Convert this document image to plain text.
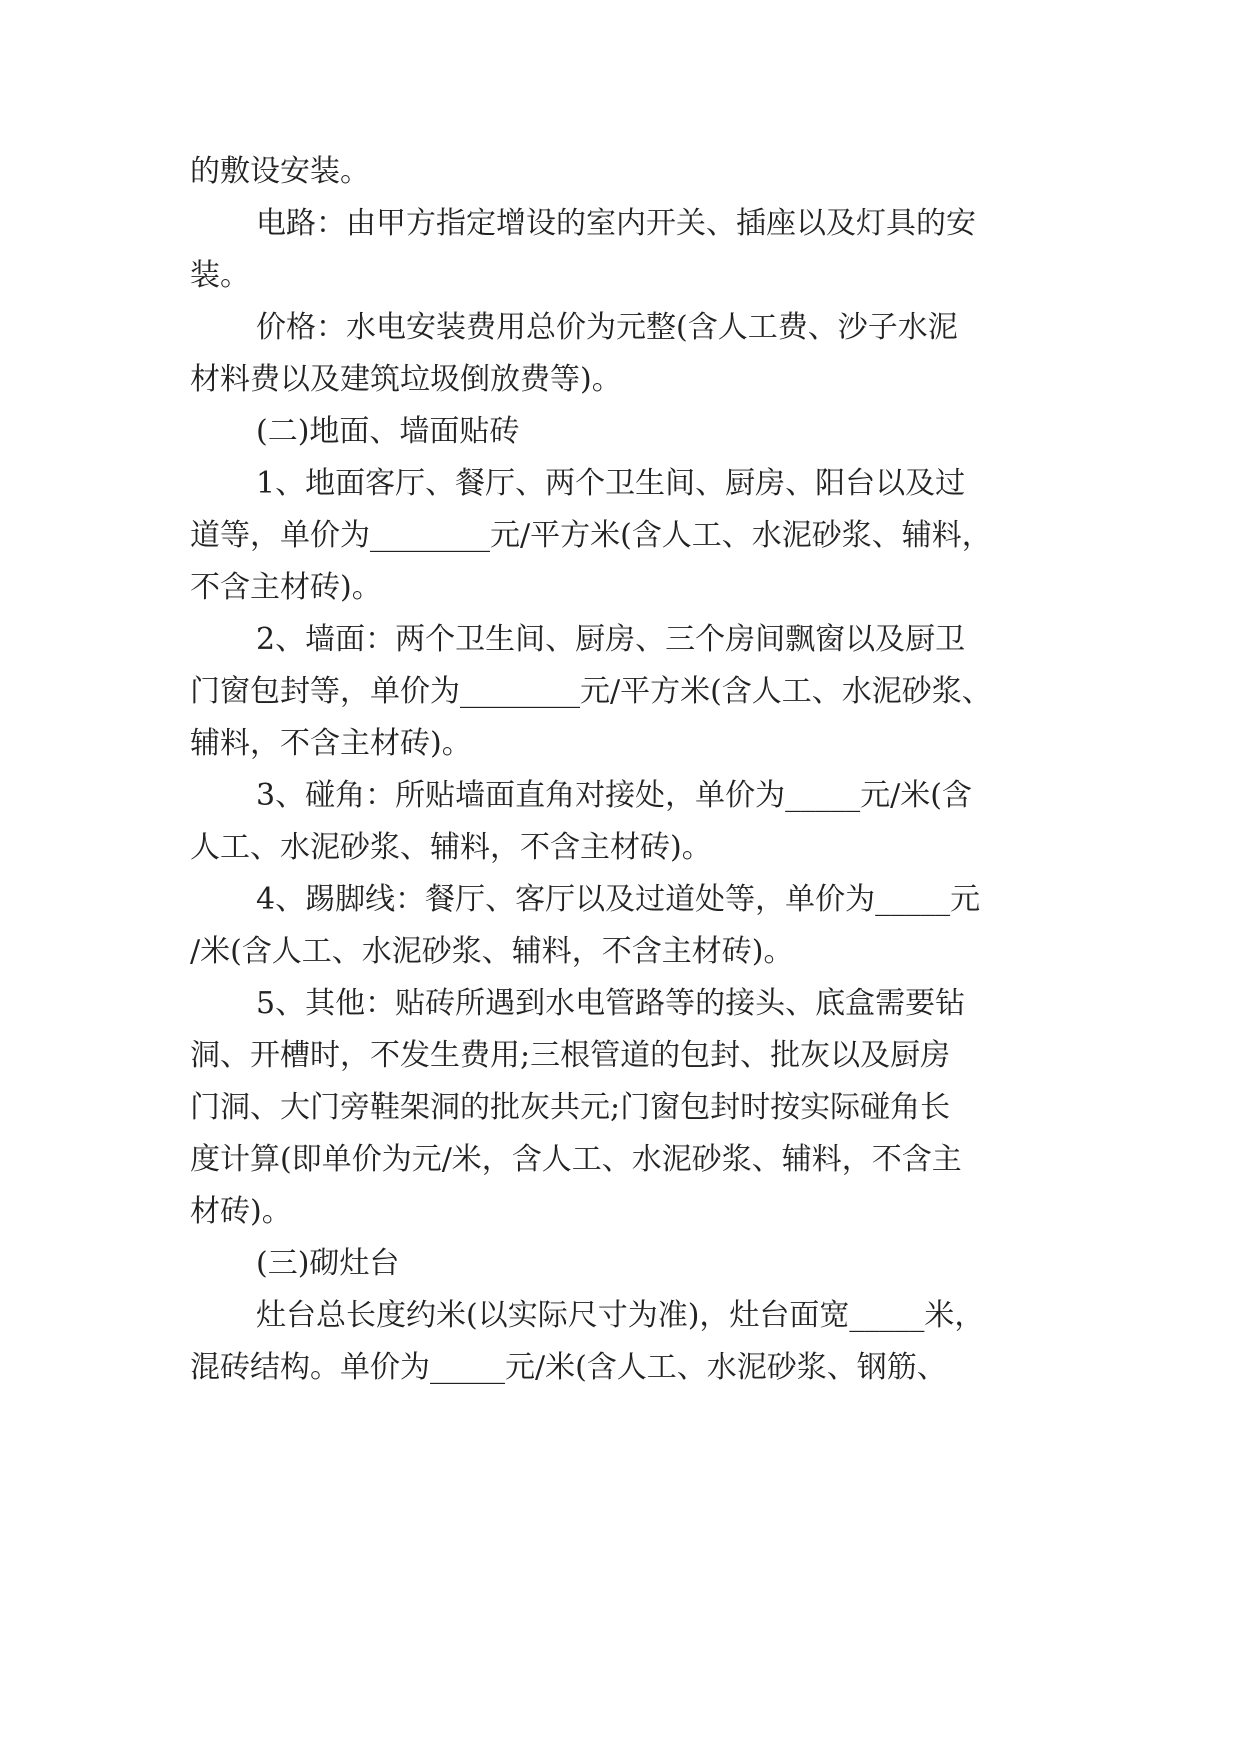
的敷设安装。
电路：由甲方指定增设的室内开关、插座以及灯具的安
装。
价格：水电安装费用总价为元整(含人工费、沙子水泥
材料费以及建筑垃圾倒放费等)。
(二)地面、墙面贴砖
1、地面客厅、餐厅、两个卫生间、厨房、阳台以及过
道等，单价为________元/平方米(含人工、水泥砂浆、辅料，
不含主材砖)。
2、墙面：两个卫生间、厨房、三个房间飘窗以及厨卫
门窗包封等，单价为________元/平方米(含人工、水泥砂浆、
辅料，不含主材砖)。
3、碰角：所贴墙面直角对接处，单价为_____元/米(含
人工、水泥砂浆、辅料，不含主材砖)。
4、踢脚线：餐厅、客厅以及过道处等，单价为_____元
/米(含人工、水泥砂浆、辅料，不含主材砖)。
5、其他：贴砖所遇到水电管路等的接头、底盒需要钻
洞、开槽时，不发生费用;三根管道的包封、批灰以及厨房
门洞、大门旁鞋架洞的批灰共元;门窗包封时按实际碰角长
度计算(即单价为元/米，含人工、水泥砂浆、辅料，不含主
材砖)。
(三)砌灶台
灶台总长度约米(以实际尺寸为准)，灶台面宽_____米，
混砖结构。单价为_____元/米(含人工、水泥砂浆、钢筋、
